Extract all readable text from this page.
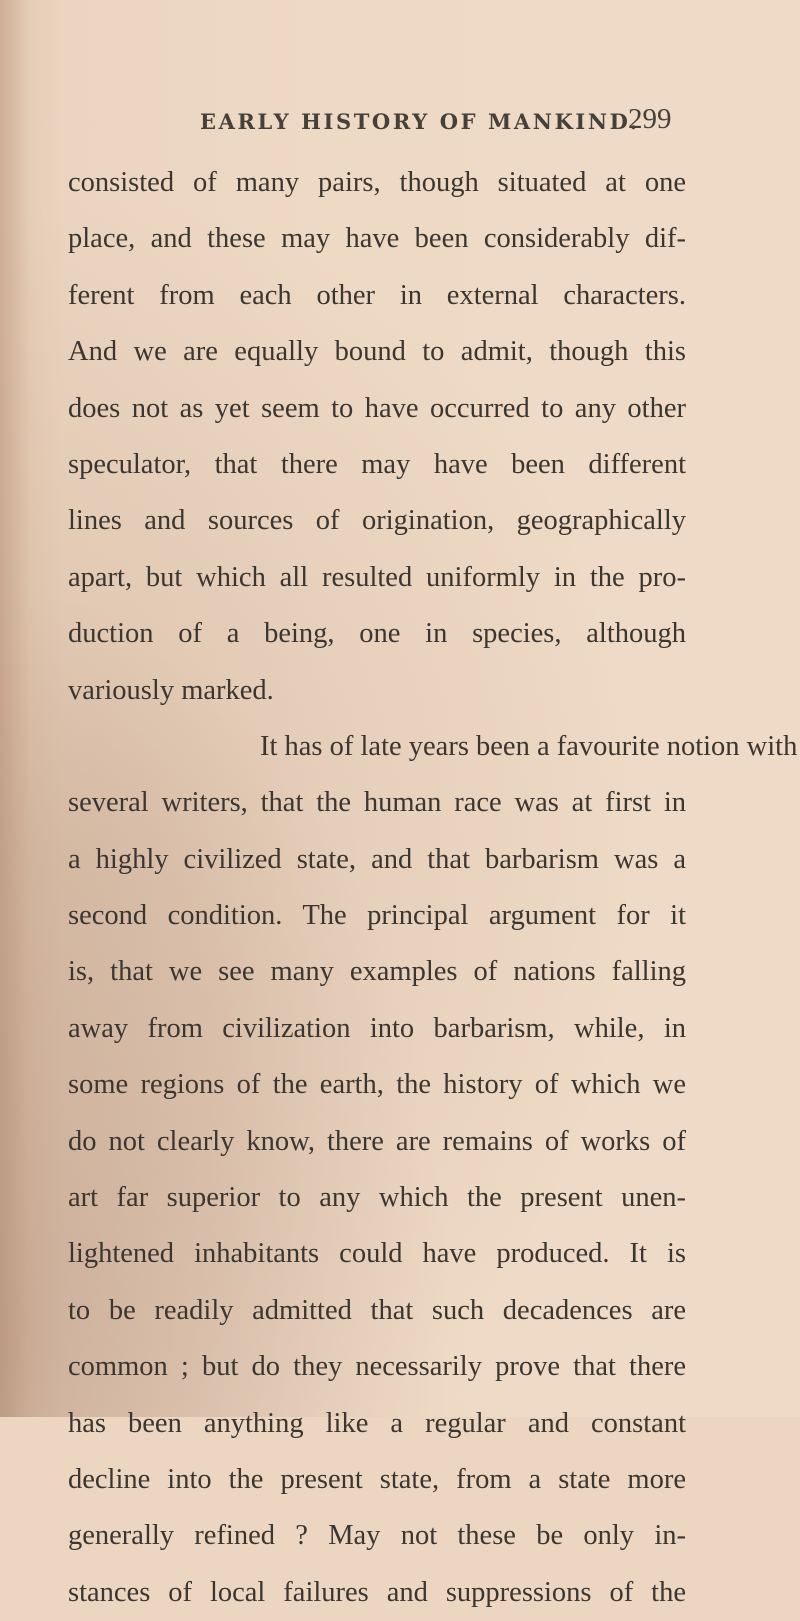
EARLY HISTORY OF MANKIND.
299
consisted of many pairs, though situated at one
place, and these may have been considerably dif-
ferent from each other in external characters.
And we are equally bound to admit, though this
does not as yet seem to have occurred to any other
speculator, that there may have been different
lines and sources of origination, geographically
apart, but which all resulted uniformly in the pro-
duction of a being, one in species, although
variously marked.
It has of late years been a favourite notion with
several writers, that the human race was at first in
a highly civilized state, and that barbarism was a
second condition. The principal argument for it
is, that we see many examples of nations falling
away from civilization into barbarism, while, in
some regions of the earth, the history of which we
do not clearly know, there are remains of works of
art far superior to any which the present unen-
lightened inhabitants could have produced. It is
to be readily admitted that such decadences are
common ; but do they necessarily prove that there
has been anything like a regular and constant
decline into the present state, from a state more
generally refined ? May not these be only in-
stances of local failures and suppressions of the
